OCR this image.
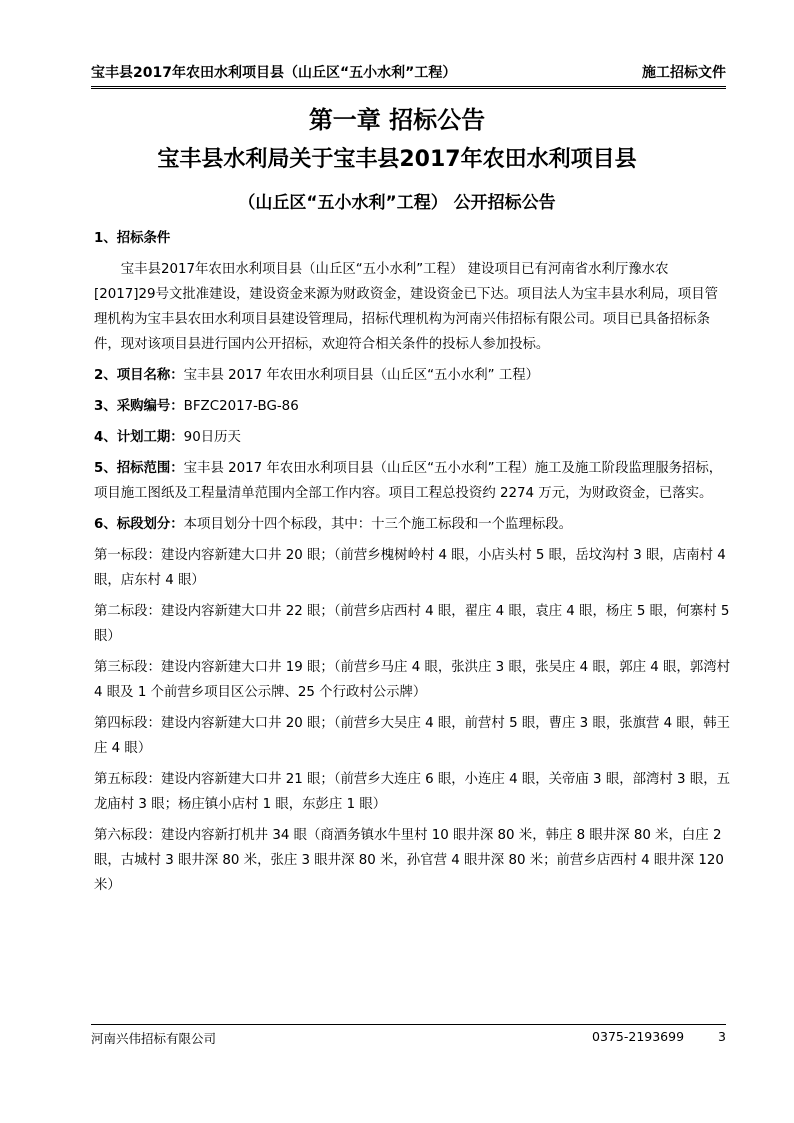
宝丰县2017年农田水利项目县（山丘区“五小水利”工程）	施工招标文件
第一章 招标公告
宝丰县水利局关于宝丰县2017年农田水利项目县
（山丘区“五小水利”工程） 公开招标公告

1、招标条件

宝丰县2017年农田水利项目县（山丘区“五小水利”工程） 建设项目已有河南省水利厅豫水农[2017]29号文批准建设，建设资金来源为财政资金，建设资金已下达。项目法人为宝丰县水利局，项目管理机构为宝丰县农田水利项目县建设管理局，招标代理机构为河南兴伟招标有限公司。项目已具备招标条件，现对该项目县进行国内公开招标，欢迎符合相关条件的投标人参加投标。

2、项目名称：宝丰县 2017 年农田水利项目县（山丘区“五小水利” 工程）

3、采购编号：BFZC2017-BG-86

4、计划工期：90日历天

5、招标范围：宝丰县 2017 年农田水利项目县（山丘区“五小水利”工程）施工及施工阶段监理服务招标，项目施工图纸及工程量清单范围内全部工作内容。项目工程总投资约 2274 万元，为财政资金，已落实。

6、标段划分：本项目划分十四个标段，其中：十三个施工标段和一个监理标段。

第一标段：建设内容新建大口井 20 眼；（前营乡槐树岭村 4 眼，小店头村 5 眼，岳坟沟村 3 眼，店南村 4 眼，店东村 4 眼）

第二标段：建设内容新建大口井 22 眼；（前营乡店西村 4 眼，翟庄 4 眼，袁庄 4 眼，杨庄 5 眼，何寨村 5 眼）

第三标段：建设内容新建大口井 19 眼；（前营乡马庄 4 眼，张洪庄 3 眼，张吴庄 4 眼，郭庄 4 眼，郭湾村 4 眼及 1 个前营乡项目区公示牌、25 个行政村公示牌）

第四标段：建设内容新建大口井 20 眼；（前营乡大吴庄 4 眼，前营村 5 眼，曹庄 3 眼，张旗营 4 眼，韩王庄 4 眼）

第五标段：建设内容新建大口井 21 眼；（前营乡大连庄 6 眼，小连庄 4 眼，关帝庙 3 眼，部湾村 3 眼，五龙庙村 3 眼；杨庄镇小店村 1 眼，东彭庄 1 眼）

第六标段：建设内容新打机井 34 眼（商酒务镇水牛里村 10 眼井深 80 米，韩庄 8 眼井深 80 米，白庄 2 眼，古城村 3 眼井深 80 米，张庄 3 眼井深 80 米，孙官营 4 眼井深 80 米；前营乡店西村 4 眼井深 120 米）

河南兴伟招标有限公司	0375-2193699	3
